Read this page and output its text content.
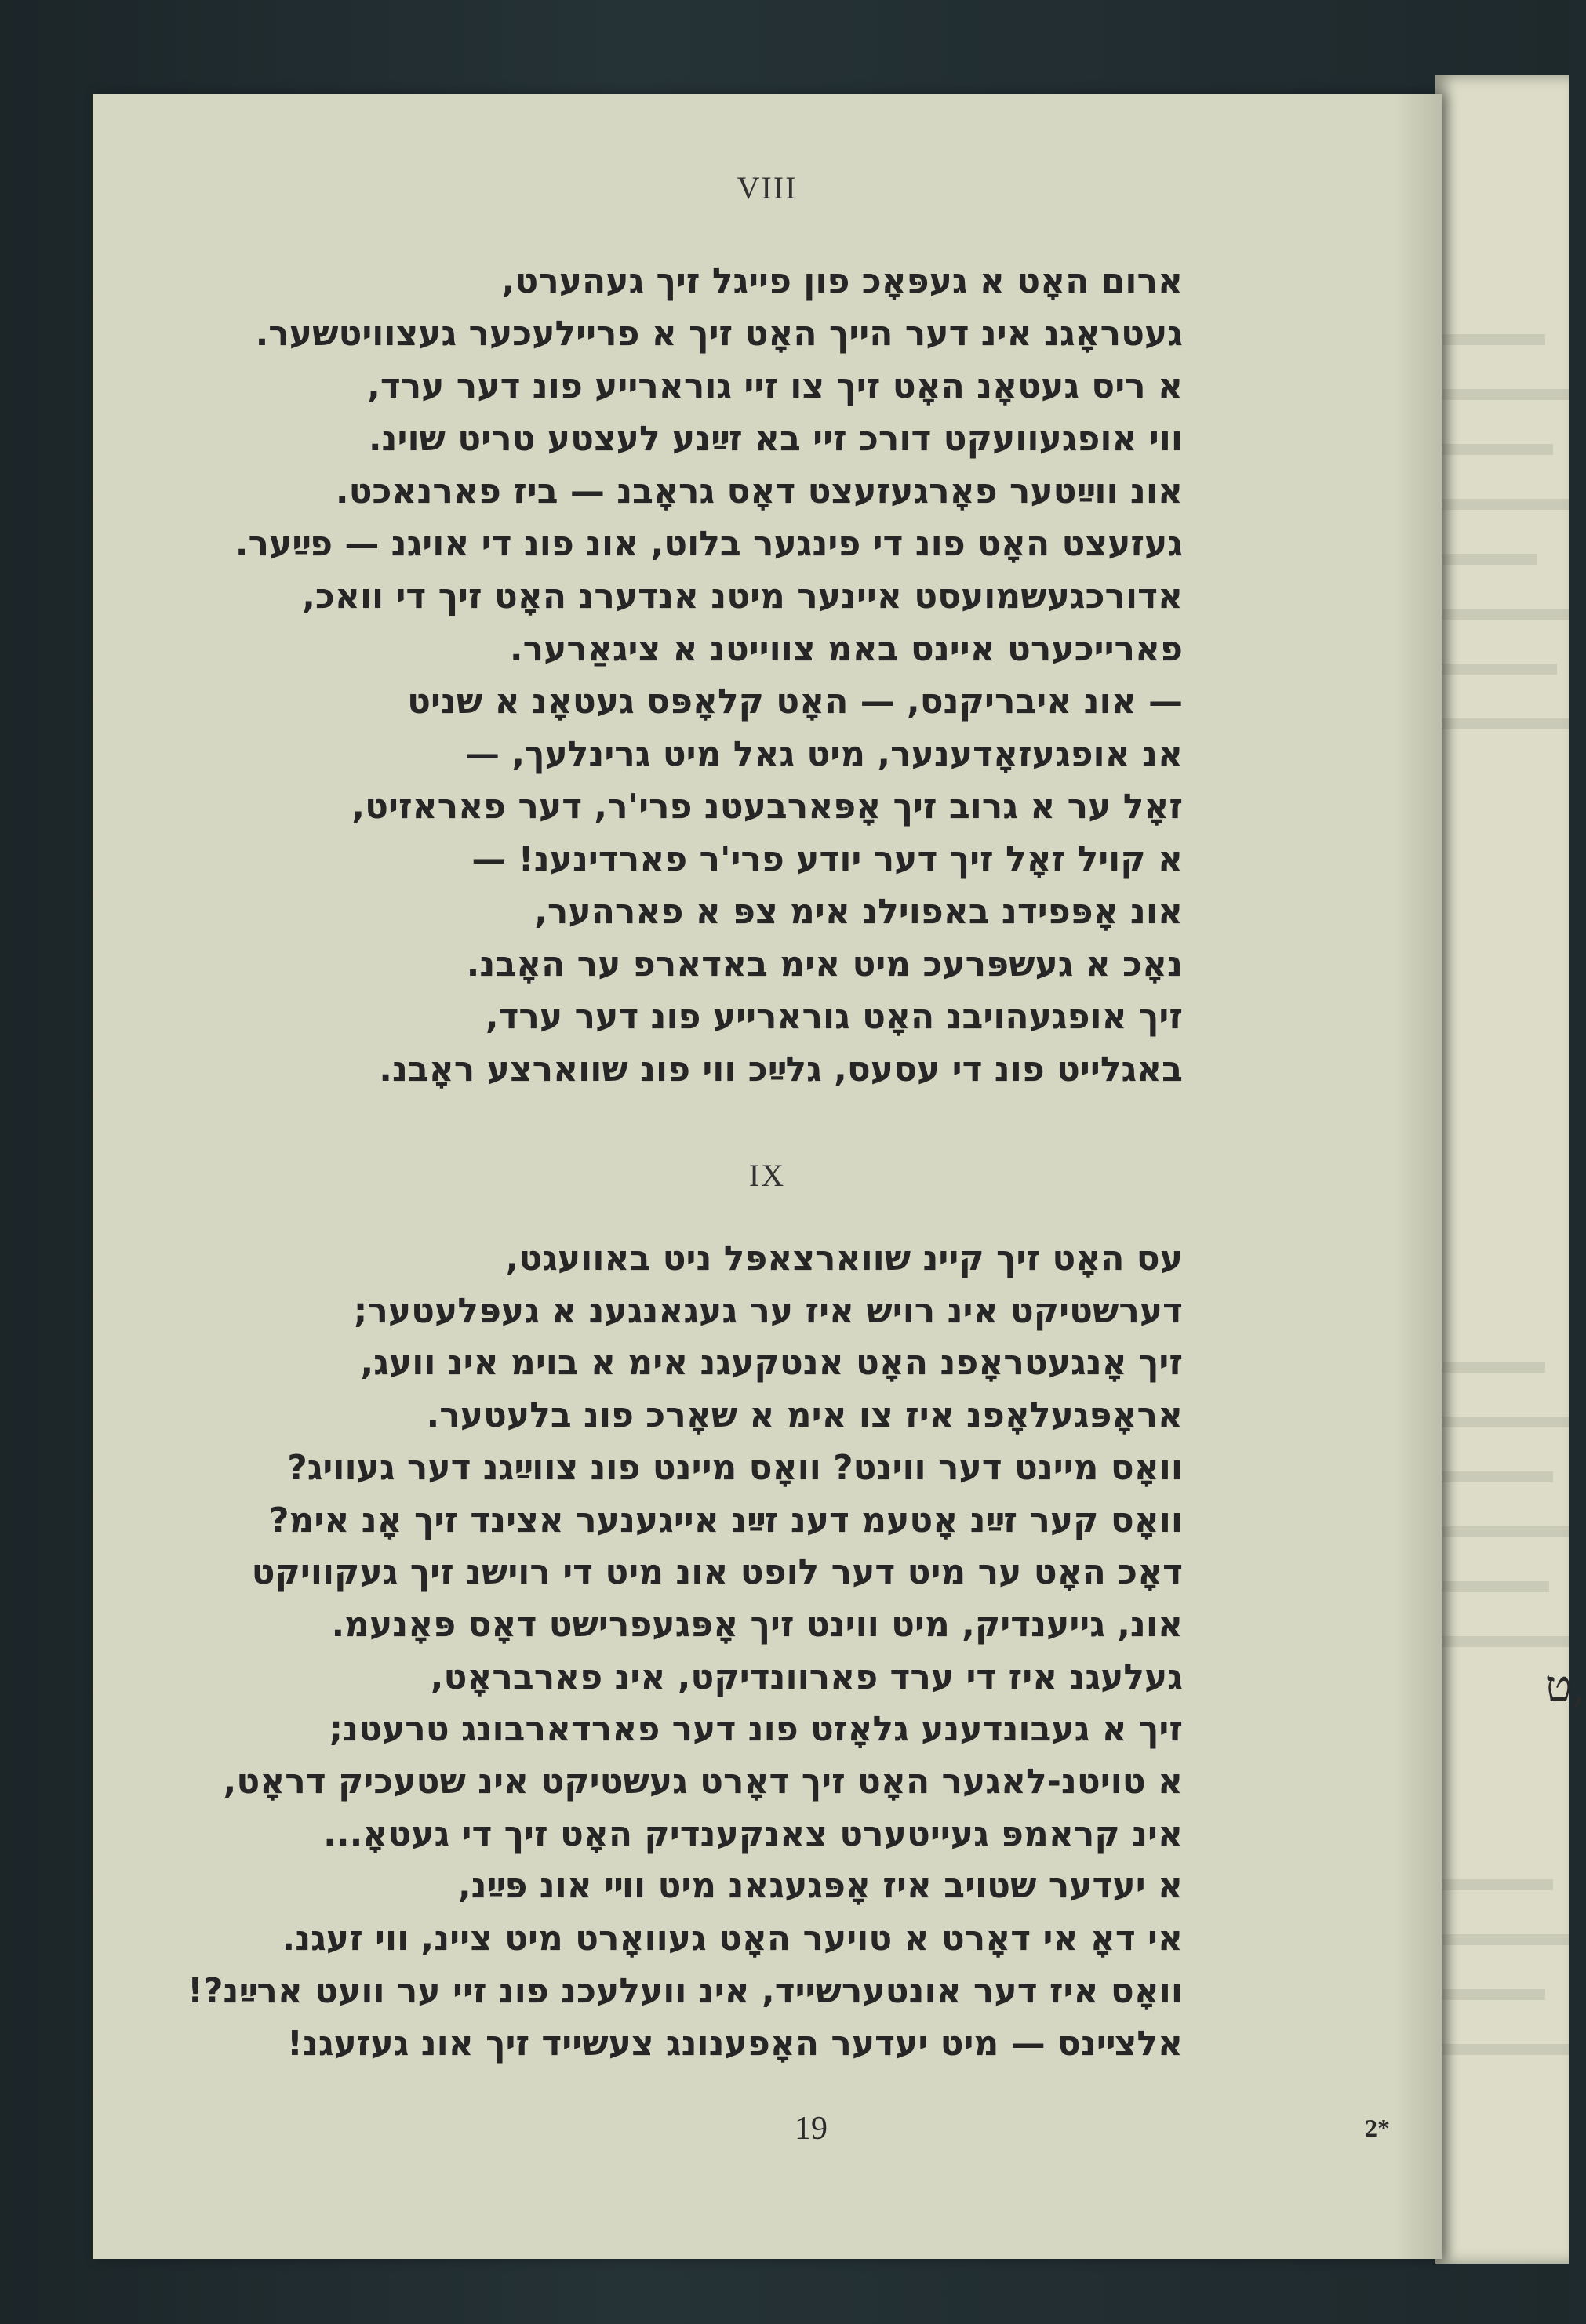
VIII
ארום האָט א געפּאָכ פון פייגל זיך געהערט,
געטראָגנ אינ דער הייך האָט זיך א פריילעכער געצוויטשער.
א ריס געטאָנ האָט זיך צו זיי גורארייע פונ דער ערד,
ווי אופגעוועקט דורכ זיי בא זײַנע לעצטע טריט שוינ.
אונ ווײַטער פאָרגעזעצט דאָס גראָבנ — ביז פארנאכט.
געזעצט האָט פונ די פינגער בלוט, אונ פונ די אויגנ — פײַער.
אדורכגעשמועסט איינער מיטנ אנדערנ האָט זיך די וואכ,
פארייכערט איינס באמ צווייטנ א ציגאַרער.
— אונ איבריקנס, — האָט קלאָפּס געטאָנ א שניט
אנ אופגעזאָדענער, מיט גאל מיט גרינלעך, —
זאָל ער א גרוב זיך אָפּארבעטנ פרי'ר, דער פאראזיט,
א קויל זאָל זיך דער יודע פרי'ר פארדינענ! —
אונ אָפּפידנ באפוילנ אימ צפּ א פארהער,
נאָכ א געשפּרעכ מיט אימ באדארפ ער האָבנ.
זיך אופגעהויבנ האָט גורארייע פונ דער ערד,
באגלייט פונ די עסעס, גלײַכ ווי פונ שווארצע ראָבנ.
IX
עס האָט זיך קיינ שווארצאפּל ניט באוועגט,
דערשטיקט אינ רויש איז ער געגאנגענ א געפּלעטער;
זיך אָנגעטראָפנ האָט אנטקעגנ אימ א בוימ אינ וועג,
אראָפּגעלאָפנ איז צו אימ א שאָרכ פונ בלעטער.
וואָס מיינט דער ווינט? וואָס מיינט פונ צווײַגנ דער געוויג?
וואָס קער זײַנ אָטעמ דענ זײַנ אייגענער אצינד זיך אָנ אימ?
דאָכ האָט ער מיט דער לופט אונ מיט די רוישנ זיך געקוויקט
אונ, גייענדיק, מיט ווינט זיך אָפּגעפרישט דאָס פּאָנעמ.
געלעגנ איז די ערד פארוונדיקט, אינ פארבראָט,
זיך א געבונדענע גלאָזט פונ דער פארדארבונג טרעטנ;
א טויטנ-לאגער האָט זיך דאָרט געשטיקט אינ שטעכיק דראָט,
אינ קראמפּ געייטערט צאנקענדיק האָט זיך די געטאָ...
א יעדער שטויב איז אָפּגעגאנ מיט ווײ אונ פּײַנ,
אי דאָ אי דאָרט א טויער האָט געוואָרט מיט ציינ, ווי זעגנ.
וואָס איז דער אונטערשייד, אינ וועלעכנ פונ זיי ער וועט ארײַנ?!
אלצײנס — מיט יעדער האָפענונג צעשייד זיך אונ געזעגנ!
19	2*
ט,
